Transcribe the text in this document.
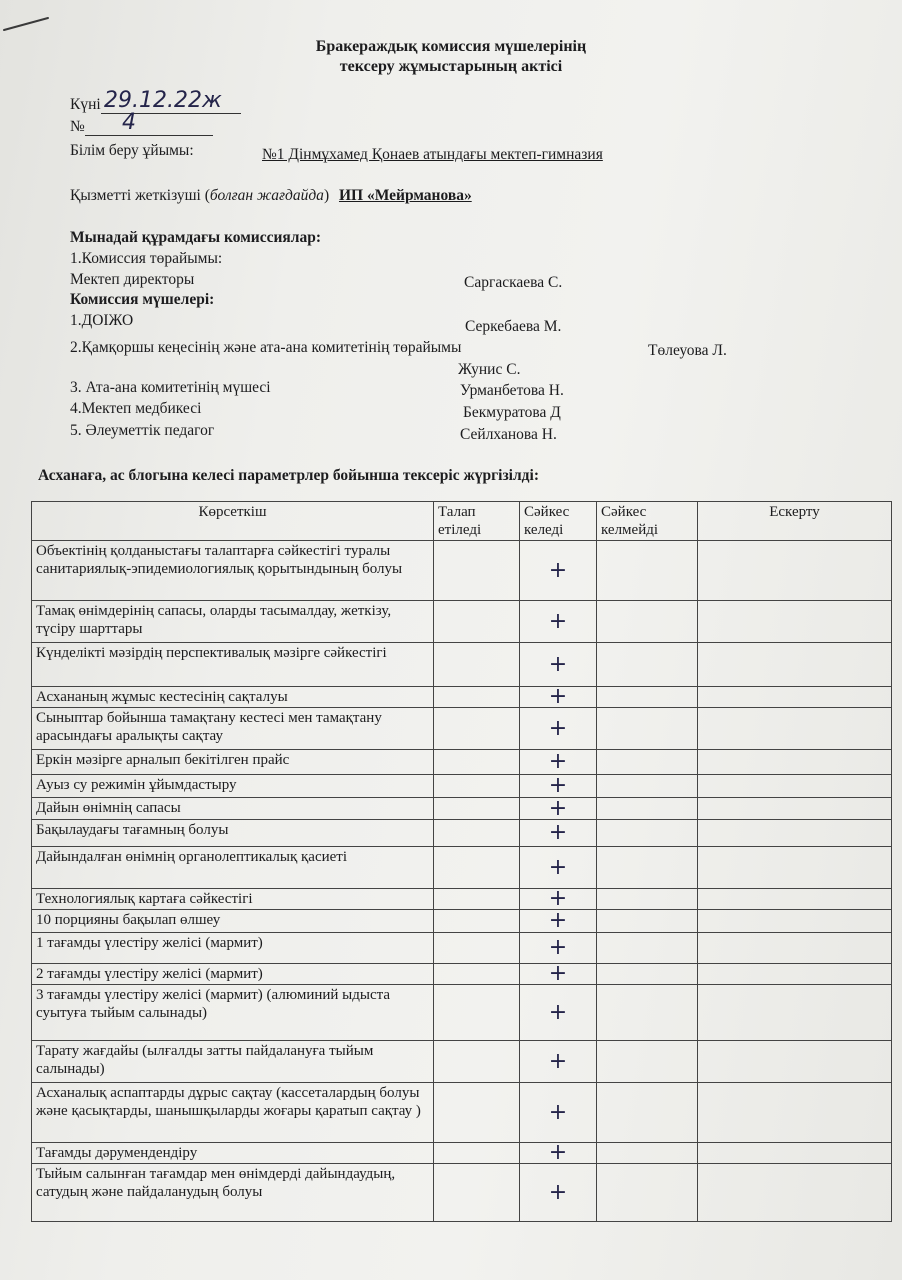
Бракераждық комиссия мүшелерінің
тексеру жұмыстарының актісі
Күні 29.12.22ж
№	4
Білім беру ұйымы:	№1 Дінмұхамед Қонаев атындағы мектеп-гимназия
Қызметті жеткізуші (болған жағдайда) ИП «Мейрманова»
Мынадай құрамдағы комиссиялар:
1.Комиссия төрайымы:
Мектеп директоры	Саргаскаева С.
Комиссия мүшелері:
1.ДОІЖО	Серкебаева М.
2.Қамқоршы кеңесінің және ата-ана комитетінің төрайымы	Төлеуова Л.
Жунис С.
3. Ата-ана комитетінің мүшесі	Урманбетова Н.
4.Мектеп медбикесі	Бекмуратова Д
5. Әлеуметтік педагог	Сейлханова Н.
Асханаға, ас блогына келесі параметрлер бойынша тексеріс жүргізілді:
Көрсеткіш	Талап етіледі	Сәйкес келеді	Сәйкес келмейді	Ескерту
Объектінің қолданыстағы талаптарға сәйкестігі туралы санитариялық-эпидемиологиялық қорытындының болуы		+		
Тамақ өнімдерінің сапасы, оларды тасымалдау, жеткізу, түсіру шарттары		+		
Күнделікті мәзірдің перспективалық мәзірге сәйкестігі		+		
Асхананың жұмыс кестесінің сақталуы		+		
Сыныптар бойынша тамақтану кестесі мен тамақтану арасындағы аралықты сақтау		+		
Еркін мәзірге арналып бекітілген прайс		+		
Ауыз су режимін ұйымдастыру		+		
Дайын өнімнің сапасы		+		
Бақылаудағы тағамның болуы		+		
Дайындалған өнімнің органолептикалық қасиеті		+		
Технологиялық картаға сәйкестігі		+		
10 порцияны бақылап өлшеу		+		
1 тағамды үлестіру желісі (мармит)		+		
2 тағамды үлестіру желісі (мармит)		+		
3 тағамды үлестіру желісі (мармит) (алюминий ыдыста суытуға тыйым салынады)		+		
Тарату жағдайы (ылғалды затты пайдалануға тыйым салынады)		+		
Асханалық аспаптарды дұрыс сақтау (кассеталардың болуы және қасықтарды, шанышқыларды жоғары қаратып сақтау )		+		
Тағамды дәрумендендіру		+		
Тыйым салынған тағамдар мен өнімдерді дайындаудың, сатудың және пайдаланудың болуы		+		
